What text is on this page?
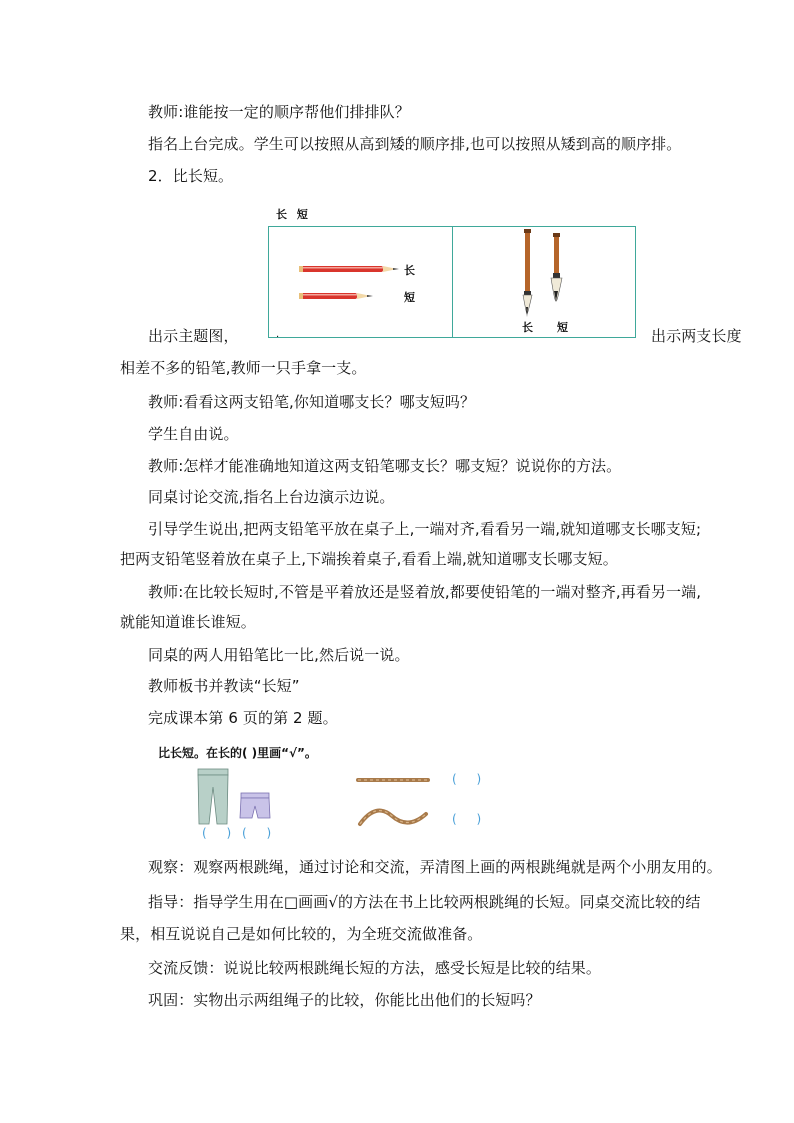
教师:谁能按一定的顺序帮他们排排队？
指名上台完成。学生可以按照从高到矮的顺序排,也可以按照从矮到高的顺序排。
2．比长短。
长 短
长
短
长 短
出示主题图，	·	出示两支长度
相差不多的铅笔,教师一只手拿一支。
教师:看看这两支铅笔,你知道哪支长？哪支短吗？
学生自由说。
教师:怎样才能准确地知道这两支铅笔哪支长？哪支短？说说你的方法。
同桌讨论交流,指名上台边演示边说。
引导学生说出,把两支铅笔平放在桌子上,一端对齐,看看另一端,就知道哪支长哪支短;
把两支铅笔竖着放在桌子上,下端挨着桌子,看看上端,就知道哪支长哪支短。
教师:在比较长短时,不管是平着放还是竖着放,都要使铅笔的一端对整齐,再看另一端,
就能知道谁长谁短。
同桌的两人用铅笔比一比,然后说一说。
教师板书并教读“长短”
完成课本第 6 页的第 2 题。
比长短。在长的( )里画“√”。
( ) ( )
( )
( )
观察：观察两根跳绳，通过讨论和交流，弄清图上画的两根跳绳就是两个小朋友用的。
指导：指导学生用在□画画√的方法在书上比较两根跳绳的长短。同桌交流比较的结
果，相互说说自己是如何比较的，为全班交流做准备。
交流反馈：说说比较两根跳绳长短的方法，感受长短是比较的结果。
巩固：实物出示两组绳子的比较，你能比出他们的长短吗？
